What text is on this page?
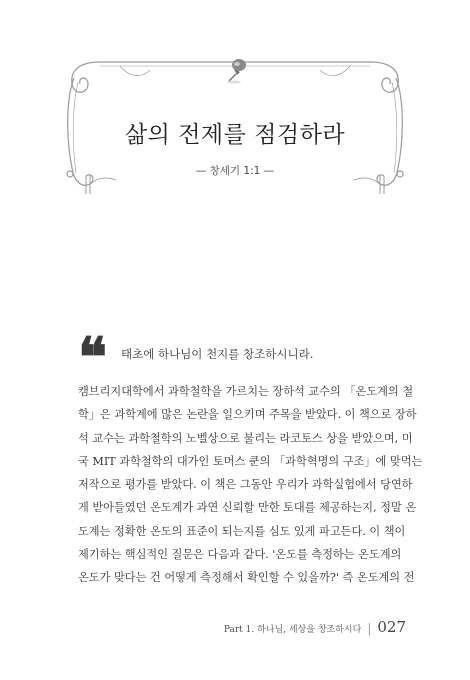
삶의 전제를 점검하라
— 창세기 1:1 —
❝ 태초에 하나님이 천지를 창조하시니라.

캠브리지대학에서 과학철학을 가르치는 장하석 교수의 「온도계의 철

학」은 과학계에 많은 논란을 일으키며 주목을 받았다. 이 책으로 장하

석 교수는 과학철학의 노벨상으로 불리는 라코토스 상을 받았으며, 미

국 MIT 과학철학의 대가인 토머스 쿤의 「과학혁명의 구조」에 맞먹는

저작으로 평가를 받았다. 이 책은 그동안 우리가 과학실험에서 당연하

게 받아들였던 온도계가 과연 신뢰할 만한 토대를 제공하는지, 정말 온

도계는 정확한 온도의 표준이 되는지를 심도 있게 파고든다. 이 책이

제기하는 핵심적인 질문은 다음과 같다. '온도를 측정하는 온도계의

온도가 맞다는 건 어떻게 측정해서 확인할 수 있을까?' 즉 온도계의 전

Part 1. 하나님, 세상을 창조하시다 | 027
